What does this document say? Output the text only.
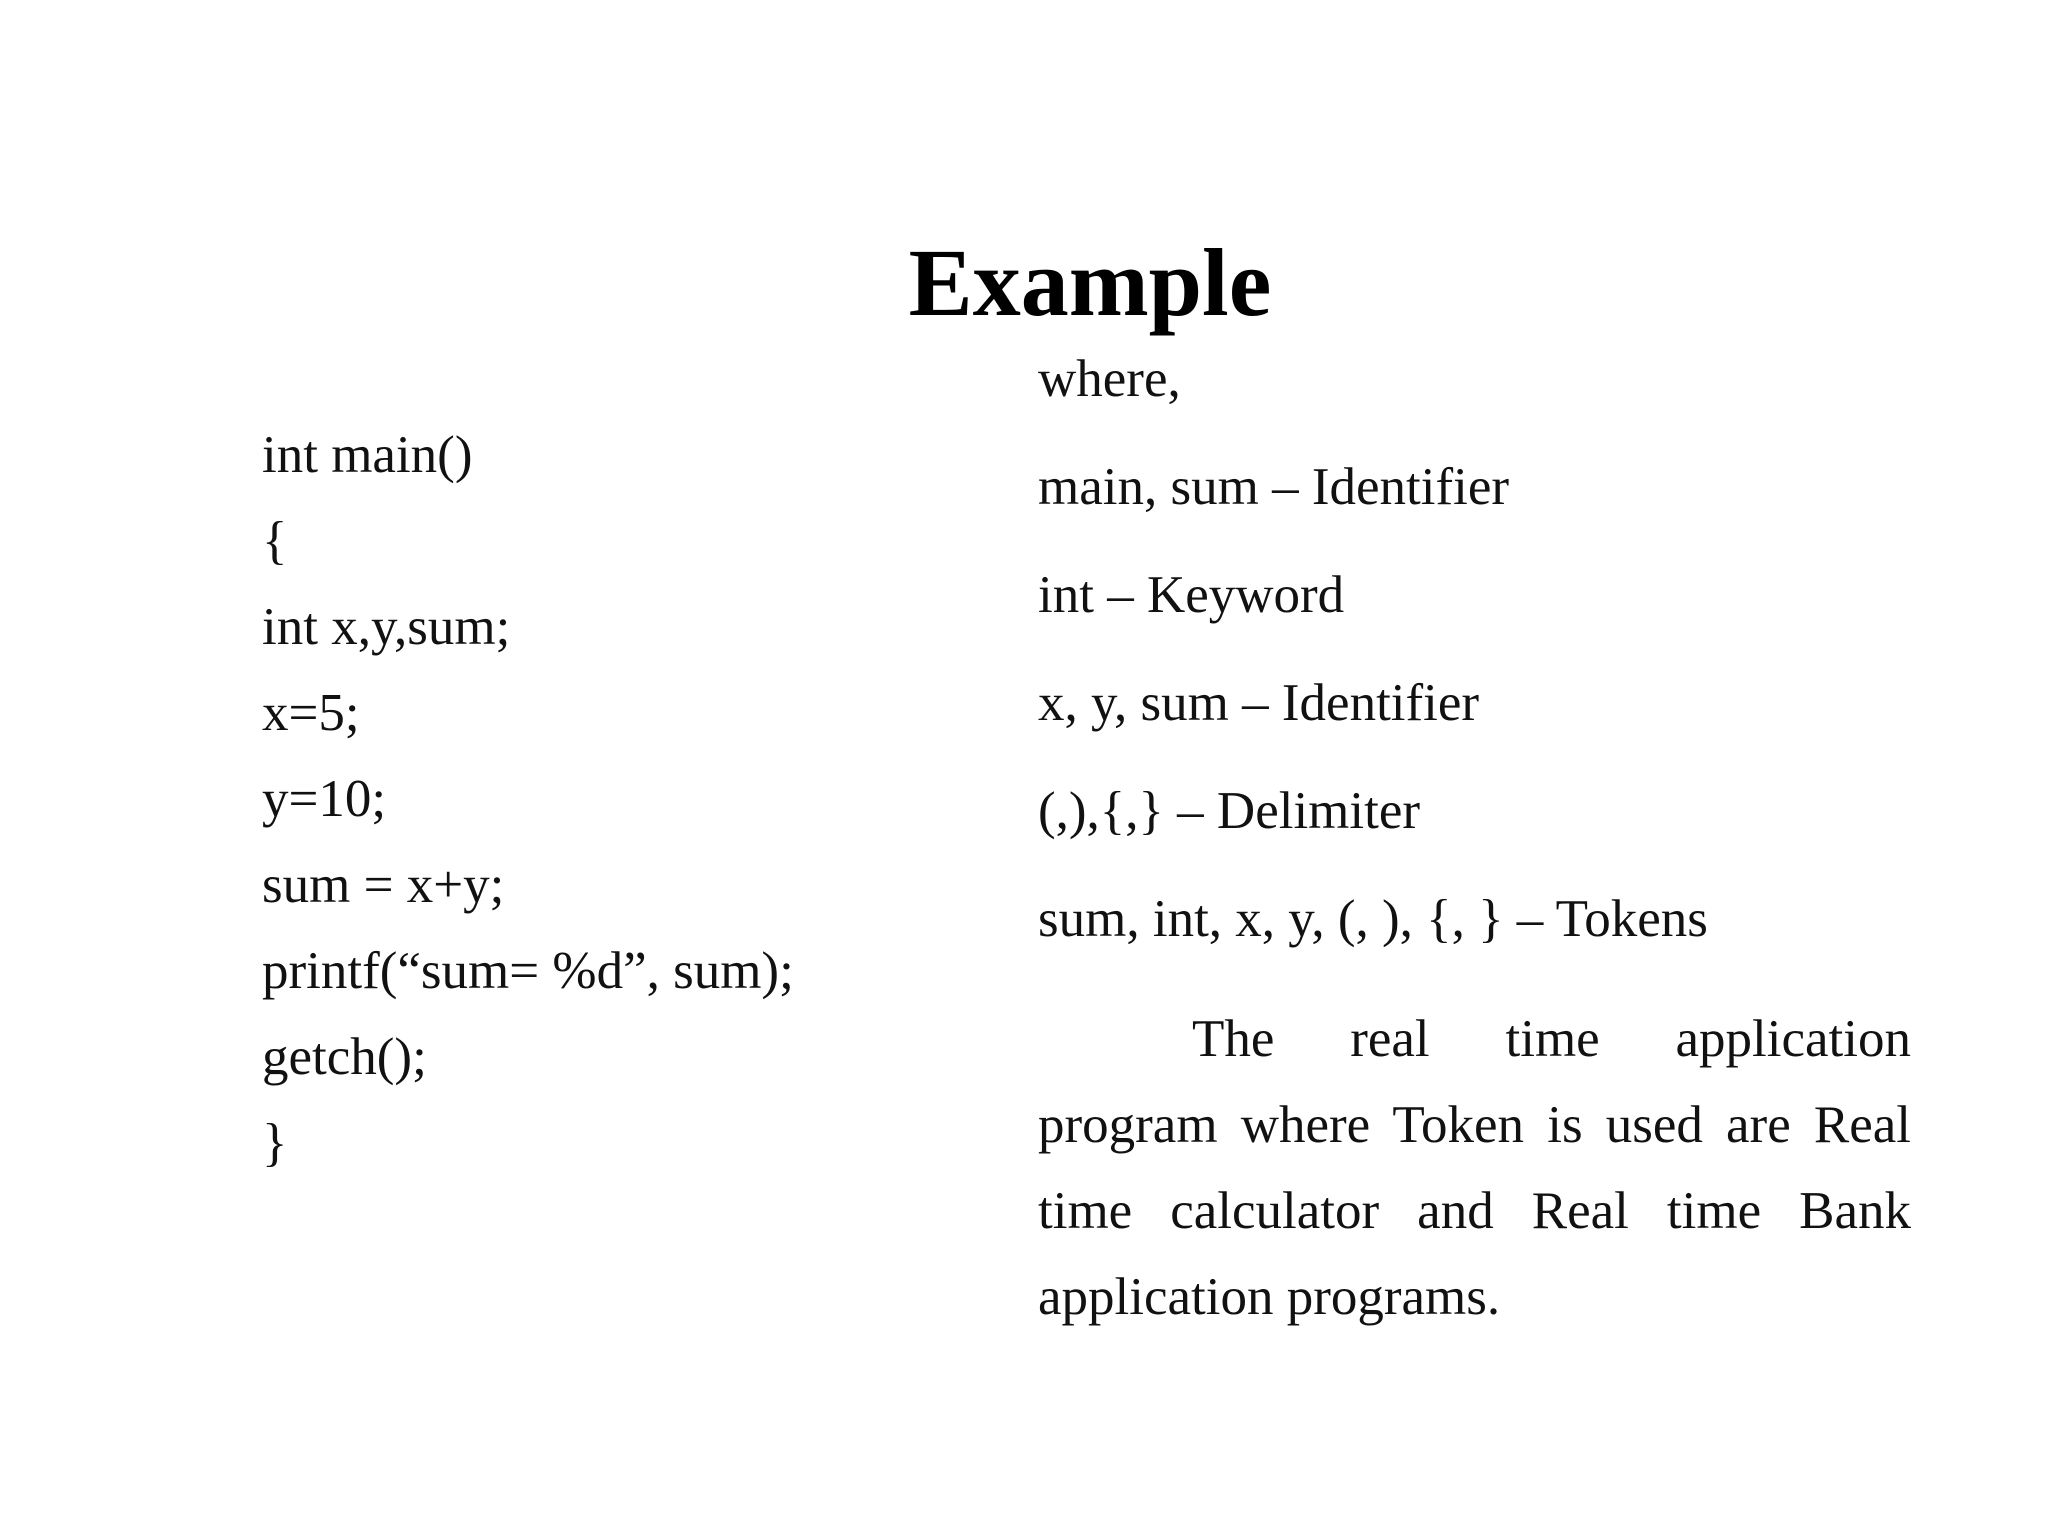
Example
int main()
{
int x,y,sum;
x=5;
y=10;
sum = x+y;
printf(“sum= %d”, sum);
getch();
}
where,
main, sum – Identifier
int – Keyword
x, y, sum – Identifier
(,),{,} – Delimiter
sum, int, x, y, (, ), {, } – Tokens

The real time application program where Token is used are Real time calculator and Real time Bank application programs.
